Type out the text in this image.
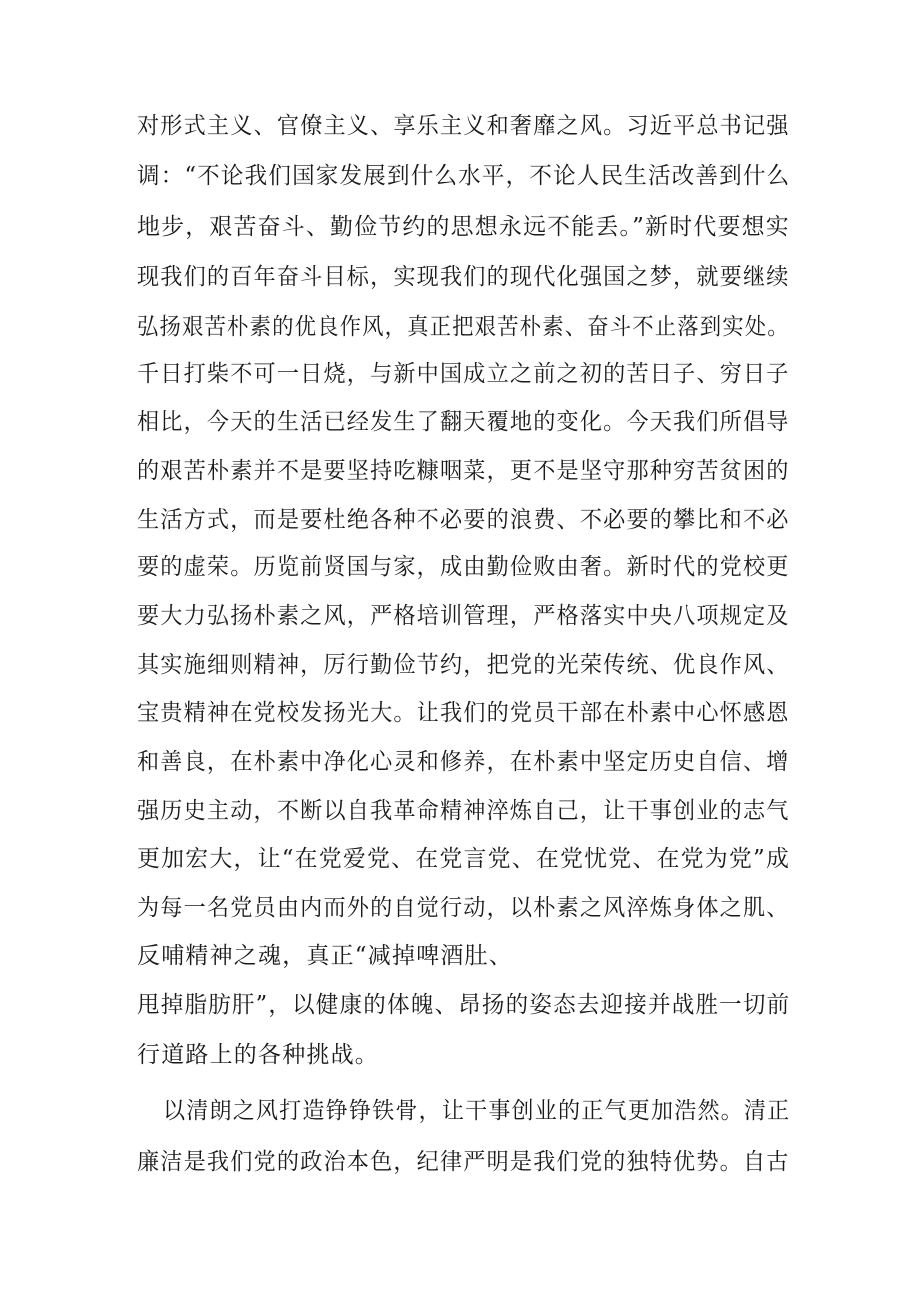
对形式主义、官僚主义、享乐主义和奢靡之风。习近平总书记强
调：“不论我们国家发展到什么水平，不论人民生活改善到什么
地步，艰苦奋斗、勤俭节约的思想永远不能丢。”新时代要想实
现我们的百年奋斗目标，实现我们的现代化强国之梦，就要继续
弘扬艰苦朴素的优良作风，真正把艰苦朴素、奋斗不止落到实处。
千日打柴不可一日烧，与新中国成立之前之初的苦日子、穷日子
相比，今天的生活已经发生了翻天覆地的变化。今天我们所倡导
的艰苦朴素并不是要坚持吃糠咽菜，更不是坚守那种穷苦贫困的
生活方式，而是要杜绝各种不必要的浪费、不必要的攀比和不必
要的虚荣。历览前贤国与家，成由勤俭败由奢。新时代的党校更
要大力弘扬朴素之风，严格培训管理，严格落实中央八项规定及
其实施细则精神，厉行勤俭节约，把党的光荣传统、优良作风、
宝贵精神在党校发扬光大。让我们的党员干部在朴素中心怀感恩
和善良，在朴素中净化心灵和修养，在朴素中坚定历史自信、增
强历史主动，不断以自我革命精神淬炼自己，让干事创业的志气
更加宏大，让“在党爱党、在党言党、在党忧党、在党为党”成
为每一名党员由内而外的自觉行动，以朴素之风淬炼身体之肌、
反哺精神之魂，真正“减掉啤酒肚、
甩掉脂肪肝”，以健康的体魄、昂扬的姿态去迎接并战胜一切前
行道路上的各种挑战。
以清朗之风打造铮铮铁骨，让干事创业的正气更加浩然。清正
廉洁是我们党的政治本色，纪律严明是我们党的独特优势。自古
